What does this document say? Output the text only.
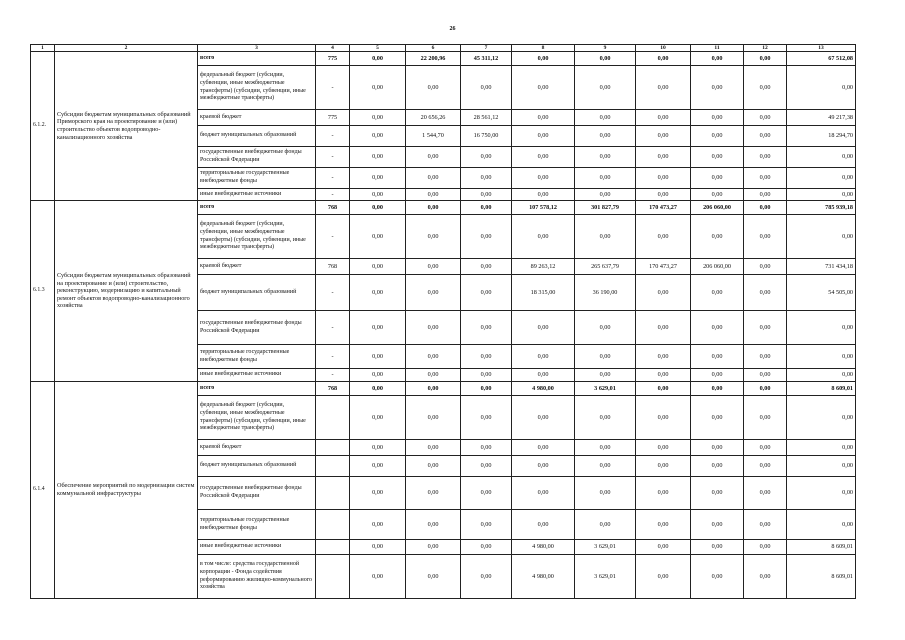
26
1	2	3	4	5	6	7	8	9	10	11	12	13
6.1.2.	Субсидии бюджетам муниципальных образований Приморского края на проектирование и (или) строительство объектов водопроводно-канализационного хозяйства	всего	775	0,00	22 200,96	45 311,12	0,00	0,00	0,00	0,00	0,00	67 512,08
		федеральный бюджет (субсидии, субвенции, иные межбюджетные трансферты) (субсидии, субвенции, иные межбюджетные трансферты)	-	0,00	0,00	0,00	0,00	0,00	0,00	0,00	0,00	0,00
		краевой бюджет	775	0,00	20 656,26	28 561,12	0,00	0,00	0,00	0,00	0,00	49 217,38
		бюджет муниципальных образований	-	0,00	1 544,70	16 750,00	0,00	0,00	0,00	0,00	0,00	18 294,70
		государственные внебюджетные фонды Российской Федерации	-	0,00	0,00	0,00	0,00	0,00	0,00	0,00	0,00	0,00
		территориальные государственные внебюджетные фонды	-	0,00	0,00	0,00	0,00	0,00	0,00	0,00	0,00	0,00
		иные внебюджетные источники	-	0,00	0,00	0,00	0,00	0,00	0,00	0,00	0,00	0,00
6.1.3	Субсидии бюджетам муниципальных образований на проектирование и (или) строительство, реконструкцию, модернизацию и капитальный ремонт объектов водопроводно-канализационного хозяйства	всего	768	0,00	0,00	0,00	107 578,12	301 827,79	170 473,27	206 060,00	0,00	785 939,18
		федеральный бюджет (субсидии, субвенции, иные межбюджетные трансферты) (субсидии, субвенции, иные межбюджетные трансферты)	-	0,00	0,00	0,00	0,00	0,00	0,00	0,00	0,00	0,00
		краевой бюджет	768	0,00	0,00	0,00	89 263,12	265 637,79	170 473,27	206 060,00	0,00	731 434,18
		бюджет муниципальных образований	-	0,00	0,00	0,00	18 315,00	36 190,00	0,00	0,00	0,00	54 505,00
		государственные внебюджетные фонды Российской Федерации	-	0,00	0,00	0,00	0,00	0,00	0,00	0,00	0,00	0,00
		территориальные государственные внебюджетные фонды	-	0,00	0,00	0,00	0,00	0,00	0,00	0,00	0,00	0,00
		иные внебюджетные источники	-	0,00	0,00	0,00	0,00	0,00	0,00	0,00	0,00	0,00
6.1.4	Обеспечение мероприятий по модернизации систем коммунальной инфраструктуры	всего	768	0,00	0,00	0,00	4 980,00	3 629,01	0,00	0,00	0,00	8 609,01
		федеральный бюджет (субсидии, субвенции, иные межбюджетные трансферты) (субсидии, субвенции, иные межбюджетные трансферты)		0,00	0,00	0,00	0,00	0,00	0,00	0,00	0,00	0,00
		краевой бюджет		0,00	0,00	0,00	0,00	0,00	0,00	0,00	0,00	0,00
		бюджет муниципальных образований		0,00	0,00	0,00	0,00	0,00	0,00	0,00	0,00	0,00
		государственные внебюджетные фонды Российской Федерации		0,00	0,00	0,00	0,00	0,00	0,00	0,00	0,00	0,00
		территориальные государственные внебюджетные фонды		0,00	0,00	0,00	0,00	0,00	0,00	0,00	0,00	0,00
		иные внебюджетные источники		0,00	0,00	0,00	4 980,00	3 629,01	0,00	0,00	0,00	8 609,01
		в том числе: средства государственной корпорации - Фонда содействия реформированию жилищно-коммунального хозяйства		0,00	0,00	0,00	4 980,00	3 629,01	0,00	0,00	0,00	8 609,01
